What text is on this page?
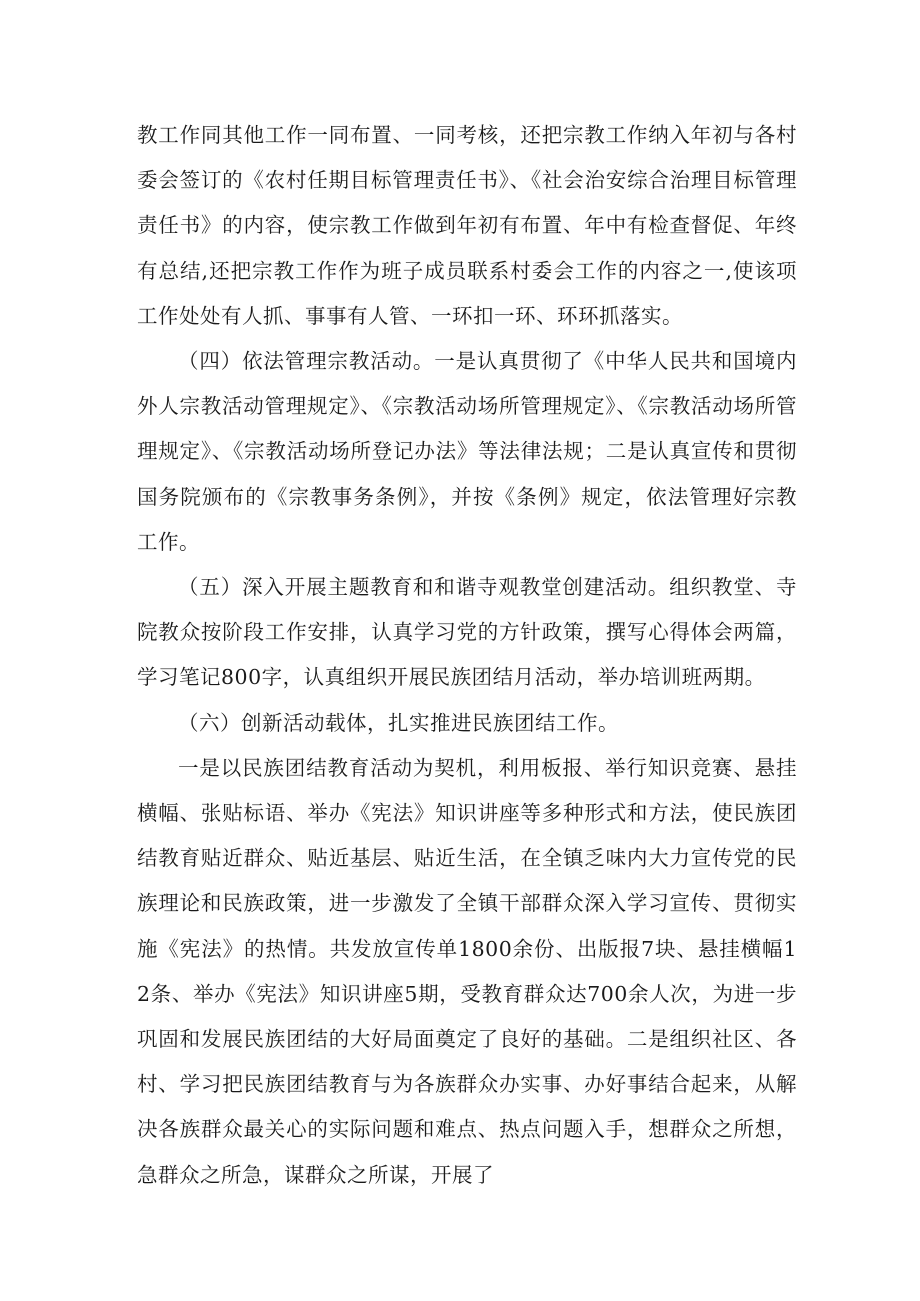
教工作同其他工作一同布置、一同考核，还把宗教工作纳入年初与各村委会签订的《农村任期目标管理责任书》、《社会治安综合治理目标管理责任书》的内容，使宗教工作做到年初有布置、年中有检查督促、年终有总结,还把宗教工作作为班子成员联系村委会工作的内容之一,使该项工作处处有人抓、事事有人管、一环扣一环、环环抓落实。

（四）依法管理宗教活动。一是认真贯彻了《中华人民共和国境内外人宗教活动管理规定》、《宗教活动场所管理规定》、《宗教活动场所管理规定》、《宗教活动场所登记办法》等法律法规；二是认真宣传和贯彻国务院颁布的《宗教事务条例》，并按《条例》规定，依法管理好宗教工作。

（五）深入开展主题教育和和谐寺观教堂创建活动。组织教堂、寺院教众按阶段工作安排，认真学习党的方针政策，撰写心得体会两篇，学习笔记800字，认真组织开展民族团结月活动，举办培训班两期。

（六）创新活动载体，扎实推进民族团结工作。

一是以民族团结教育活动为契机，利用板报、举行知识竞赛、悬挂横幅、张贴标语、举办《宪法》知识讲座等多种形式和方法，使民族团结教育贴近群众、贴近基层、贴近生活，在全镇乏味内大力宣传党的民族理论和民族政策，进一步激发了全镇干部群众深入学习宣传、贯彻实施《宪法》的热情。共发放宣传单1800余份、出版报7块、悬挂横幅12条、举办《宪法》知识讲座5期，受教育群众达700余人次，为进一步巩固和发展民族团结的大好局面奠定了良好的基础。二是组织社区、各村、学习把民族团结教育与为各族群众办实事、办好事结合起来，从解决各族群众最关心的实际问题和难点、热点问题入手，想群众之所想，急群众之所急，谋群众之所谋，开展了
